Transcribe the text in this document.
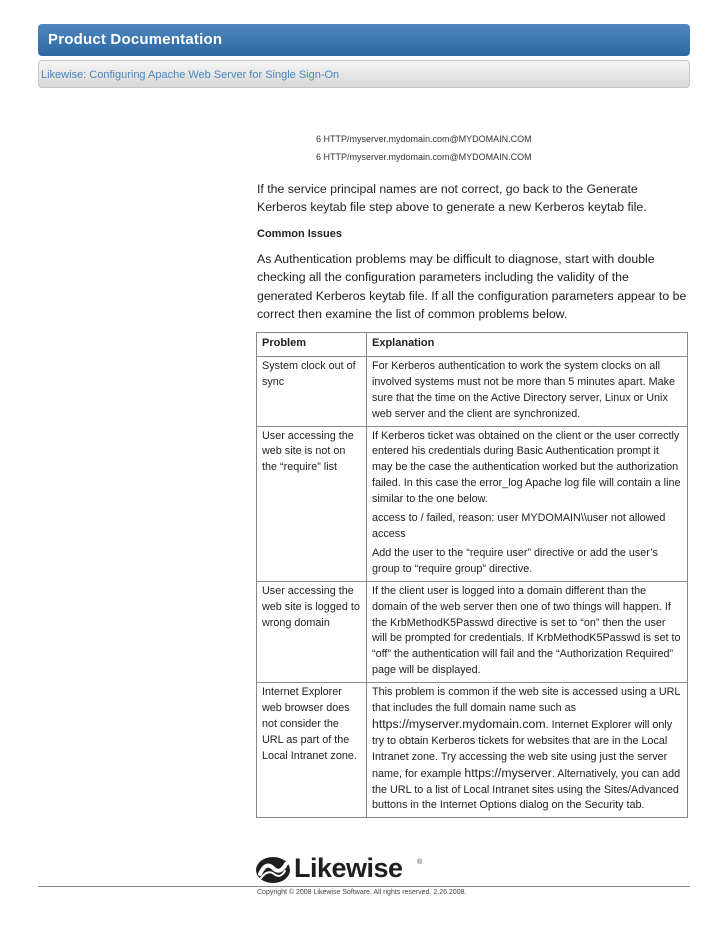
Product Documentation
Likewise: Configuring Apache Web Server for Single Sign-On
6 HTTP/myserver.mydomain.com@MYDOMAIN.COM
6 HTTP/myserver.mydomain.com@MYDOMAIN.COM
If the service principal names are not correct, go back to the Generate Kerberos keytab file step above to generate a new Kerberos keytab file.
Common Issues
As Authentication problems may be difficult to diagnose, start with double checking all the configuration parameters including the validity of the generated Kerberos keytab file. If all the configuration parameters appear to be correct then examine the list of common problems below.
Problem	Explanation
System clock out of sync	For Kerberos authentication to work the system clocks on all involved systems must not be more than 5 minutes apart. Make sure that the time on the Active Directory server, Linux or Unix web server and the client are synchronized.

User accessing the web site is not on the “require” list	If Kerberos ticket was obtained on the client or the user correctly entered his credentials during Basic Authentication prompt it may be the case the authentication worked but the authorization failed. In this case the error_log Apache log file will contain a line similar to the one below.

access to / failed, reason: user MYDOMAIN\\user not allowed access

Add the user to the “require user” directive or add the user’s group to “require group” directive.

User accessing the web site is logged to wrong domain	If the client user is logged into a domain different than the domain of the web server then one of two things will happen. If the KrbMethodK5Passwd directive is set to “on” then the user will be prompted for credentials. If KrbMethodK5Passwd is set to “off” the authentication will fail and the “Authorization Required” page will be displayed.

Internet Explorer web browser does not consider the URL as part of the Local Intranet zone.	This problem is common if the web site is accessed using a URL that includes the full domain name such as https://myserver.mydomain.com. Internet Explorer will only try to obtain Kerberos tickets for websites that are in the Local Intranet zone. Try accessing the web site using just the server name, for example https://myserver. Alternatively, you can add the URL to a list of Local Intranet sites using the Sites/Advanced buttons in the Internet Options dialog on the Security tab.

Likewise ®
Copyright © 2008 Likewise Software. All rights reserved. 2.26.2008.
